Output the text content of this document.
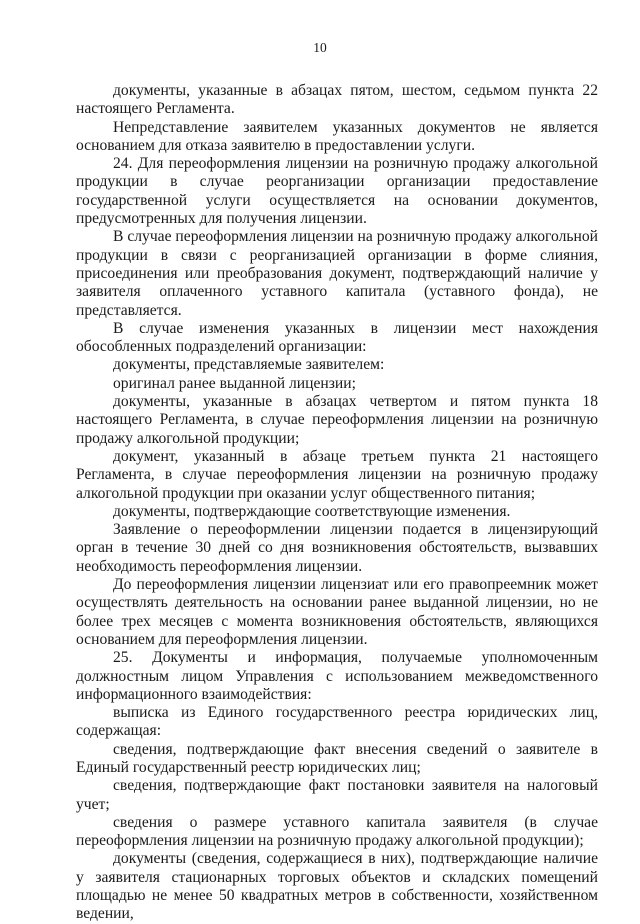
10

документы, указанные в абзацах пятом, шестом, седьмом пункта 22 настоящего Регламента.

Непредставление заявителем указанных документов не является основанием для отказа заявителю в предоставлении услуги.

24. Для переоформления лицензии на розничную продажу алкогольной продукции в случае реорганизации организации предоставление государственной услуги осуществляется на основании документов, предусмотренных для получения лицензии.

В случае переоформления лицензии на розничную продажу алкогольной продукции в связи с реорганизацией организации в форме слияния, присоединения или преобразования документ, подтверждающий наличие у заявителя оплаченного уставного капитала (уставного фонда), не представляется.

В случае изменения указанных в лицензии мест нахождения обособленных подразделений организации:

документы, представляемые заявителем:

оригинал ранее выданной лицензии;

документы, указанные в абзацах четвертом и пятом пункта 18 настоящего Регламента, в случае переоформления лицензии на розничную продажу алкогольной продукции;

документ, указанный в абзаце третьем пункта 21 настоящего Регламента, в случае переоформления лицензии на розничную продажу алкогольной продукции при оказании услуг общественного питания;

документы, подтверждающие соответствующие изменения.

Заявление о переоформлении лицензии подается в лицензирующий орган в течение 30 дней со дня возникновения обстоятельств, вызвавших необходимость переоформления лицензии.

До переоформления лицензии лицензиат или его правопреемник может осуществлять деятельность на основании ранее выданной лицензии, но не более трех месяцев с момента возникновения обстоятельств, являющихся основанием для переоформления лицензии.

25. Документы и информация, получаемые уполномоченным должностным лицом Управления с использованием межведомственного информационного взаимодействия:

выписка из Единого государственного реестра юридических лиц, содержащая:

сведения, подтверждающие факт внесения сведений о заявителе в Единый государственный реестр юридических лиц;

сведения, подтверждающие факт постановки заявителя на налоговый учет;

сведения о размере уставного капитала заявителя (в случае переоформления лицензии на розничную продажу алкогольной продукции);

документы (сведения, содержащиеся в них), подтверждающие наличие у заявителя стационарных торговых объектов и складских помещений площадью не менее 50 квадратных метров в собственности, хозяйственном ведении,
